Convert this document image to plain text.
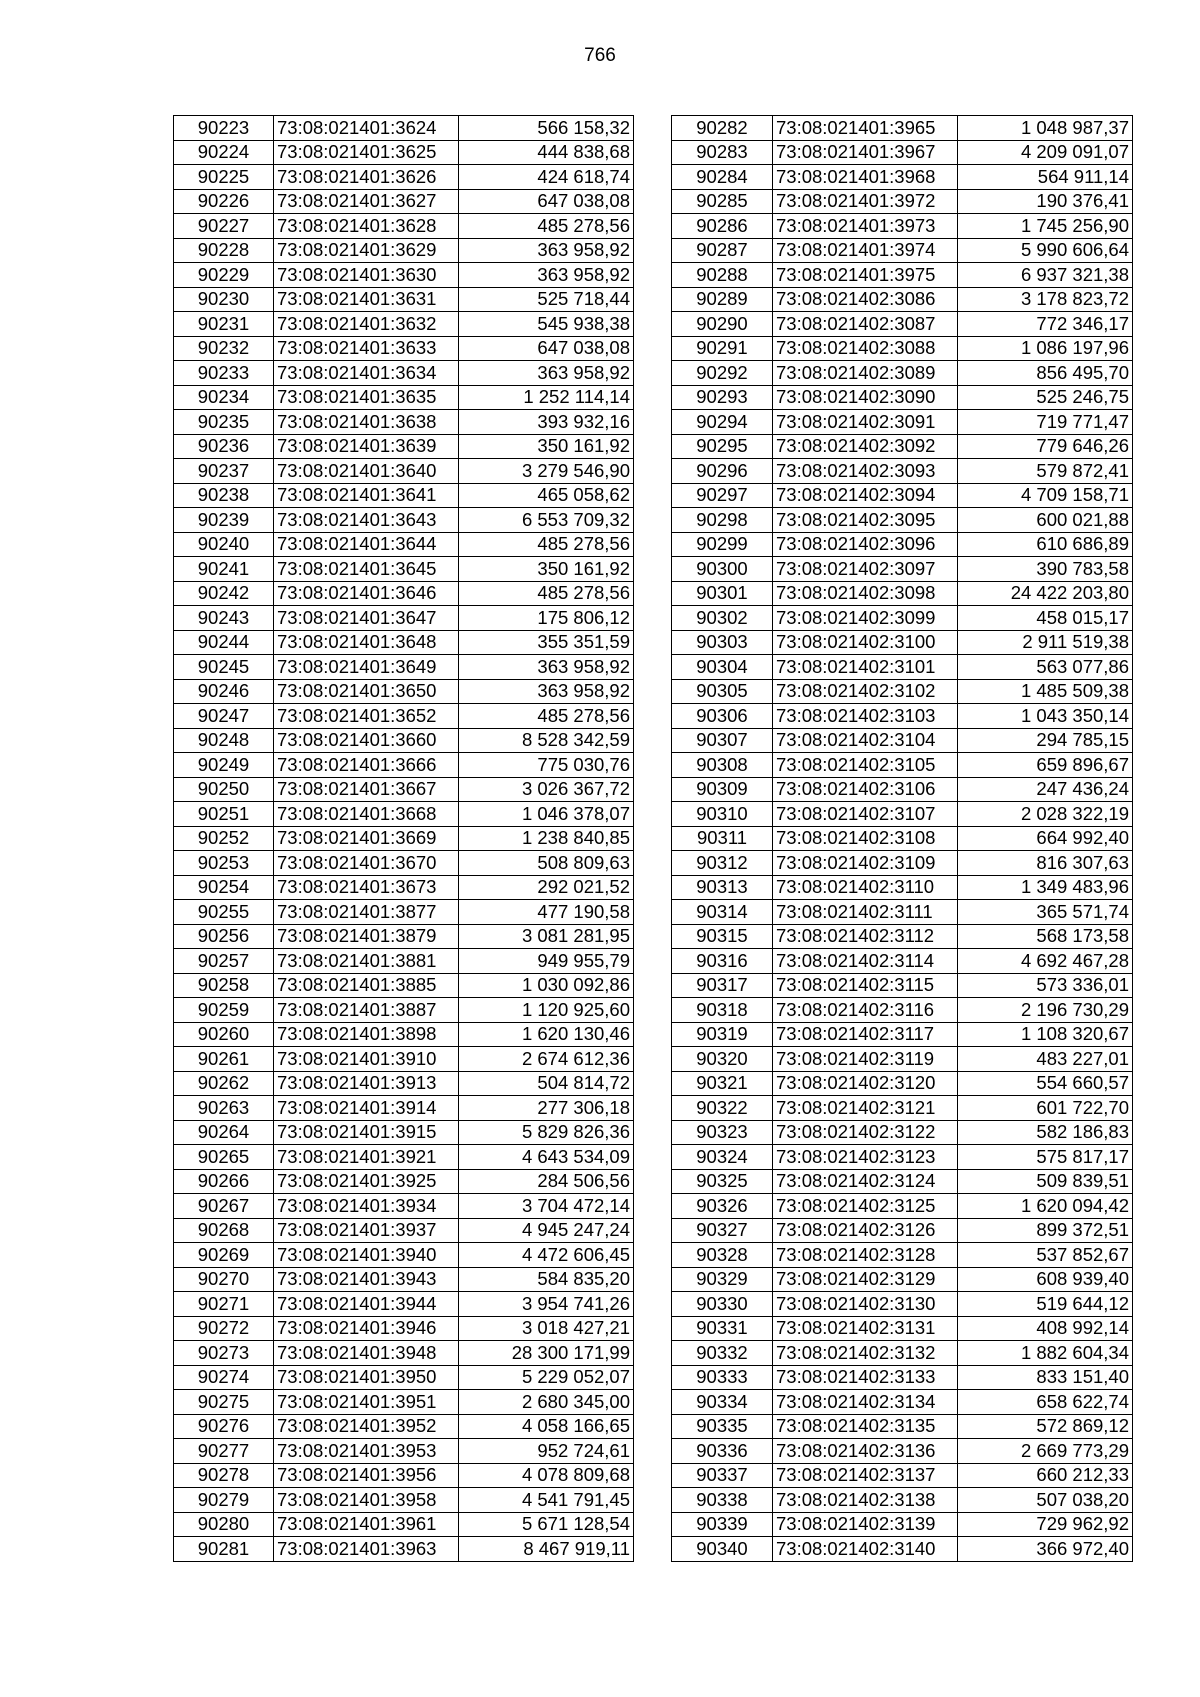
766
90223	73:08:021401:3624	566 158,32
90224	73:08:021401:3625	444 838,68
90225	73:08:021401:3626	424 618,74
90226	73:08:021401:3627	647 038,08
90227	73:08:021401:3628	485 278,56
90228	73:08:021401:3629	363 958,92
90229	73:08:021401:3630	363 958,92
90230	73:08:021401:3631	525 718,44
90231	73:08:021401:3632	545 938,38
90232	73:08:021401:3633	647 038,08
90233	73:08:021401:3634	363 958,92
90234	73:08:021401:3635	1 252 114,14
90235	73:08:021401:3638	393 932,16
90236	73:08:021401:3639	350 161,92
90237	73:08:021401:3640	3 279 546,90
90238	73:08:021401:3641	465 058,62
90239	73:08:021401:3643	6 553 709,32
90240	73:08:021401:3644	485 278,56
90241	73:08:021401:3645	350 161,92
90242	73:08:021401:3646	485 278,56
90243	73:08:021401:3647	175 806,12
90244	73:08:021401:3648	355 351,59
90245	73:08:021401:3649	363 958,92
90246	73:08:021401:3650	363 958,92
90247	73:08:021401:3652	485 278,56
90248	73:08:021401:3660	8 528 342,59
90249	73:08:021401:3666	775 030,76
90250	73:08:021401:3667	3 026 367,72
90251	73:08:021401:3668	1 046 378,07
90252	73:08:021401:3669	1 238 840,85
90253	73:08:021401:3670	508 809,63
90254	73:08:021401:3673	292 021,52
90255	73:08:021401:3877	477 190,58
90256	73:08:021401:3879	3 081 281,95
90257	73:08:021401:3881	949 955,79
90258	73:08:021401:3885	1 030 092,86
90259	73:08:021401:3887	1 120 925,60
90260	73:08:021401:3898	1 620 130,46
90261	73:08:021401:3910	2 674 612,36
90262	73:08:021401:3913	504 814,72
90263	73:08:021401:3914	277 306,18
90264	73:08:021401:3915	5 829 826,36
90265	73:08:021401:3921	4 643 534,09
90266	73:08:021401:3925	284 506,56
90267	73:08:021401:3934	3 704 472,14
90268	73:08:021401:3937	4 945 247,24
90269	73:08:021401:3940	4 472 606,45
90270	73:08:021401:3943	584 835,20
90271	73:08:021401:3944	3 954 741,26
90272	73:08:021401:3946	3 018 427,21
90273	73:08:021401:3948	28 300 171,99
90274	73:08:021401:3950	5 229 052,07
90275	73:08:021401:3951	2 680 345,00
90276	73:08:021401:3952	4 058 166,65
90277	73:08:021401:3953	952 724,61
90278	73:08:021401:3956	4 078 809,68
90279	73:08:021401:3958	4 541 791,45
90280	73:08:021401:3961	5 671 128,54
90281	73:08:021401:3963	8 467 919,11
90282	73:08:021401:3965	1 048 987,37
90283	73:08:021401:3967	4 209 091,07
90284	73:08:021401:3968	564 911,14
90285	73:08:021401:3972	190 376,41
90286	73:08:021401:3973	1 745 256,90
90287	73:08:021401:3974	5 990 606,64
90288	73:08:021401:3975	6 937 321,38
90289	73:08:021402:3086	3 178 823,72
90290	73:08:021402:3087	772 346,17
90291	73:08:021402:3088	1 086 197,96
90292	73:08:021402:3089	856 495,70
90293	73:08:021402:3090	525 246,75
90294	73:08:021402:3091	719 771,47
90295	73:08:021402:3092	779 646,26
90296	73:08:021402:3093	579 872,41
90297	73:08:021402:3094	4 709 158,71
90298	73:08:021402:3095	600 021,88
90299	73:08:021402:3096	610 686,89
90300	73:08:021402:3097	390 783,58
90301	73:08:021402:3098	24 422 203,80
90302	73:08:021402:3099	458 015,17
90303	73:08:021402:3100	2 911 519,38
90304	73:08:021402:3101	563 077,86
90305	73:08:021402:3102	1 485 509,38
90306	73:08:021402:3103	1 043 350,14
90307	73:08:021402:3104	294 785,15
90308	73:08:021402:3105	659 896,67
90309	73:08:021402:3106	247 436,24
90310	73:08:021402:3107	2 028 322,19
90311	73:08:021402:3108	664 992,40
90312	73:08:021402:3109	816 307,63
90313	73:08:021402:3110	1 349 483,96
90314	73:08:021402:3111	365 571,74
90315	73:08:021402:3112	568 173,58
90316	73:08:021402:3114	4 692 467,28
90317	73:08:021402:3115	573 336,01
90318	73:08:021402:3116	2 196 730,29
90319	73:08:021402:3117	1 108 320,67
90320	73:08:021402:3119	483 227,01
90321	73:08:021402:3120	554 660,57
90322	73:08:021402:3121	601 722,70
90323	73:08:021402:3122	582 186,83
90324	73:08:021402:3123	575 817,17
90325	73:08:021402:3124	509 839,51
90326	73:08:021402:3125	1 620 094,42
90327	73:08:021402:3126	899 372,51
90328	73:08:021402:3128	537 852,67
90329	73:08:021402:3129	608 939,40
90330	73:08:021402:3130	519 644,12
90331	73:08:021402:3131	408 992,14
90332	73:08:021402:3132	1 882 604,34
90333	73:08:021402:3133	833 151,40
90334	73:08:021402:3134	658 622,74
90335	73:08:021402:3135	572 869,12
90336	73:08:021402:3136	2 669 773,29
90337	73:08:021402:3137	660 212,33
90338	73:08:021402:3138	507 038,20
90339	73:08:021402:3139	729 962,92
90340	73:08:021402:3140	366 972,40
